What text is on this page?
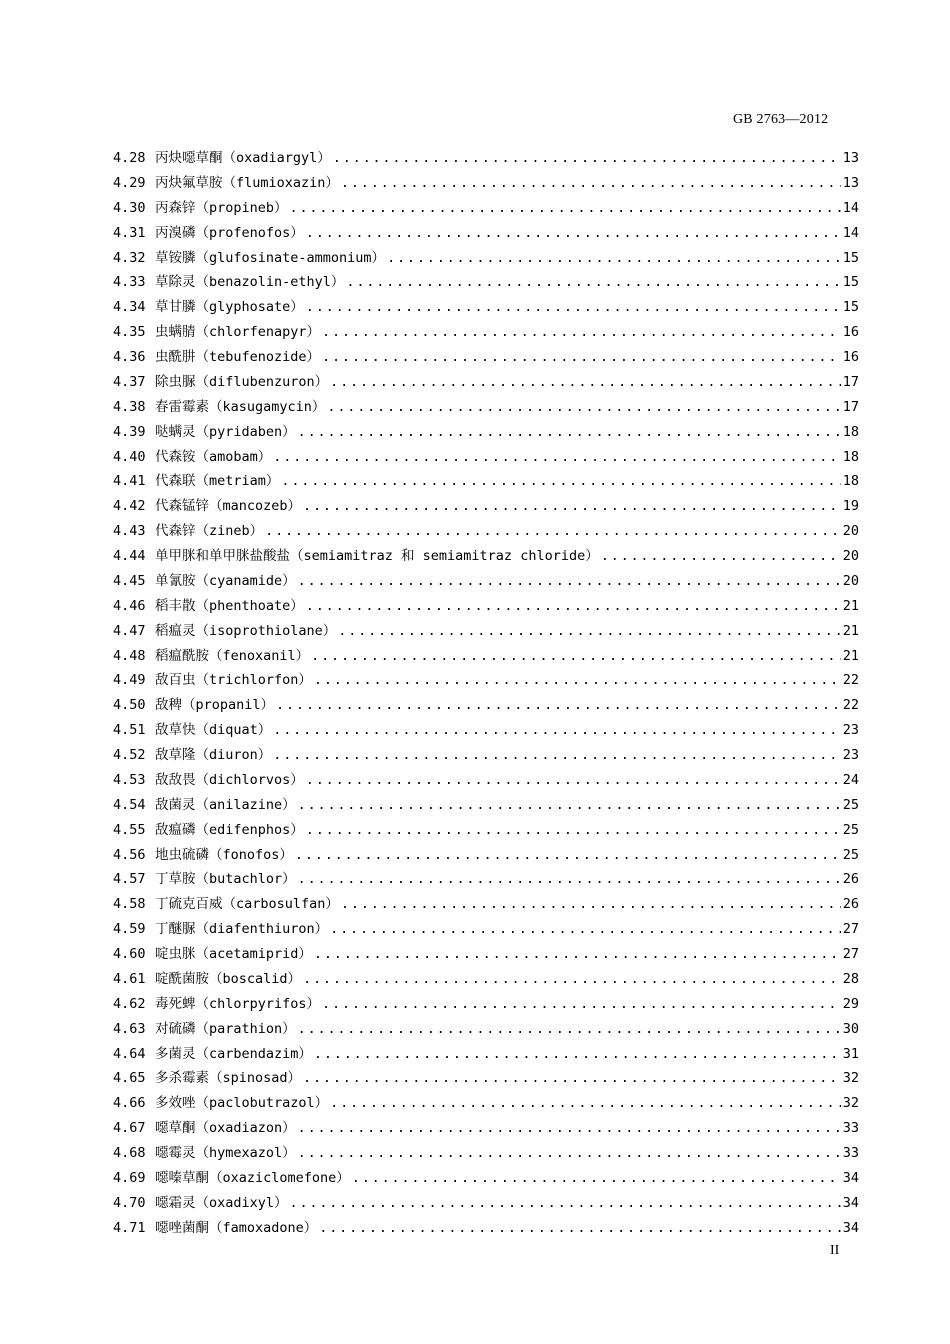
GB 2763—2012
4.28 丙炔噁草酮（oxadiargyl） .....	13
4.29 丙炔氟草胺（flumioxazin） .....	13
4.30 丙森锌（propineb） .....	14
4.31 丙溴磷（profenofos） .....	14
4.32 草铵膦（glufosinate-ammonium） .....	15
4.33 草除灵（benazolin-ethyl） .....	15
4.34 草甘膦（glyphosate） .....	15
4.35 虫螨腈（chlorfenapyr） .....	16
4.36 虫酰肼（tebufenozide） .....	16
4.37 除虫脲（diflubenzuron） .....	17
4.38 春雷霉素（kasugamycin） .....	17
4.39 哒螨灵（pyridaben） .....	18
4.40 代森铵（amobam） .....	18
4.41 代森联（metriam） .....	18
4.42 代森锰锌（mancozeb） .....	19
4.43 代森锌（zineb） .....	20
4.44 单甲脒和单甲脒盐酸盐（semiamitraz 和 semiamitraz chloride） .....	20
4.45 单氰胺（cyanamide） .....	20
4.46 稻丰散（phenthoate） .....	21
4.47 稻瘟灵（isoprothiolane） .....	21
4.48 稻瘟酰胺（fenoxanil） .....	21
4.49 敌百虫（trichlorfon） .....	22
4.50 敌稗（propanil） .....	22
4.51 敌草快（diquat） .....	23
4.52 敌草隆（diuron） .....	23
4.53 敌敌畏（dichlorvos） .....	24
4.54 敌菌灵（anilazine） .....	25
4.55 敌瘟磷（edifenphos） .....	25
4.56 地虫硫磷（fonofos） .....	25
4.57 丁草胺（butachlor） .....	26
4.58 丁硫克百威（carbosulfan） .....	26
4.59 丁醚脲（diafenthiuron） .....	27
4.60 啶虫脒（acetamiprid） .....	27
4.61 啶酰菌胺（boscalid） .....	28
4.62 毒死蜱（chlorpyrifos） .....	29
4.63 对硫磷（parathion） .....	30
4.64 多菌灵（carbendazim） .....	31
4.65 多杀霉素（spinosad） .....	32
4.66 多效唑（paclobutrazol） .....	32
4.67 噁草酮（oxadiazon） .....	33
4.68 噁霉灵（hymexazol） .....	33
4.69 噁嗪草酮（oxaziclomefone） .....	34
4.70 噁霜灵（oxadixyl） .....	34
4.71 噁唑菌酮（famoxadone） .....	34
II
